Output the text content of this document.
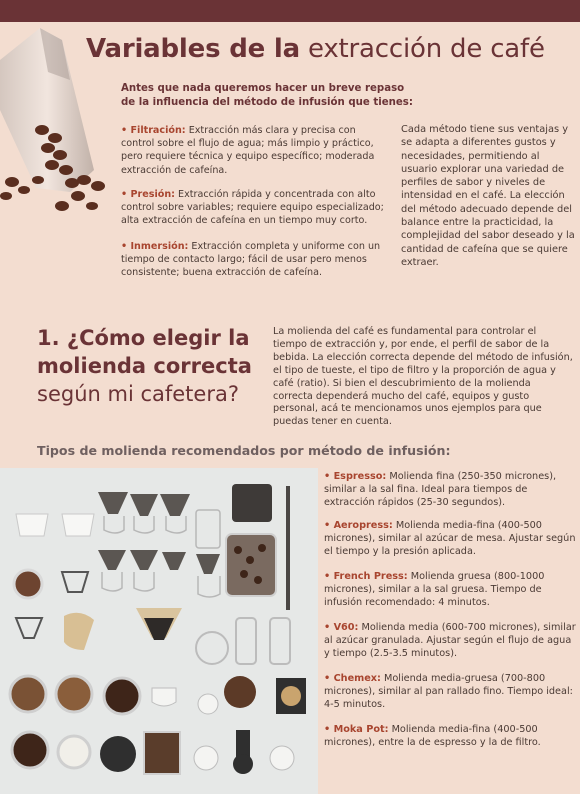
Variables de la extracción de café
Antes que nada queremos hacer un breve repaso de la influencia del método de infusión que tienes:
• Filtración: Extracción más clara y precisa con control sobre el flujo de agua; más limpio y práctico, pero requiere técnica y equipo específico; moderada extracción de cafeína.
• Presión: Extracción rápida y concentrada con alto control sobre variables; requiere equipo especializado; alta extracción de cafeína en un tiempo muy corto.
• Inmersión: Extracción completa y uniforme con un tiempo de contacto largo; fácil de usar pero menos consistente; buena extracción de cafeína.
Cada método tiene sus ventajas y se adapta a diferentes gustos y necesidades, permitiendo al usuario explorar una variedad de perfiles de sabor y niveles de intensidad en el café. La elección del método adecuado depende del balance entre la practicidad, la complejidad del sabor deseado y la cantidad de cafeína que se quiere extraer.
1. ¿Cómo elegir la molienda correcta
según mi cafetera?
La molienda del café es fundamental para controlar el tiempo de extracción y, por ende, el perfil de sabor de la bebida. La elección correcta depende del método de infusión, el tipo de tueste, el tipo de filtro y la proporción de agua y café (ratio). Si bien el descubrimiento de la molienda correcta dependerá mucho del café, equipos y gusto personal, acá te mencionamos unos ejemplos para que puedas tener en cuenta.
Tipos de molienda recomendados por método de infusión:
• Espresso: Molienda fina (250-350 micrones), similar a la sal fina. Ideal para tiempos de extracción rápidos (25-30 segundos).
• Aeropress: Molienda media-fina (400-500 micrones), similar al azúcar de mesa. Ajustar según el tiempo y la presión aplicada.
• French Press: Molienda gruesa (800-1000 micrones), similar a la sal gruesa. Tiempo de infusión recomendado: 4 minutos.
• V60: Molienda media (600-700 micrones), similar al azúcar granulada. Ajustar según el flujo de agua y tiempo (2.5-3.5 minutos).
• Chemex: Molienda media-gruesa (700-800 micrones), similar al pan rallado fino. Tiempo ideal: 4-5 minutos.
• Moka Pot: Molienda media-fina (400-500 micrones), entre la de espresso y la de filtro.
